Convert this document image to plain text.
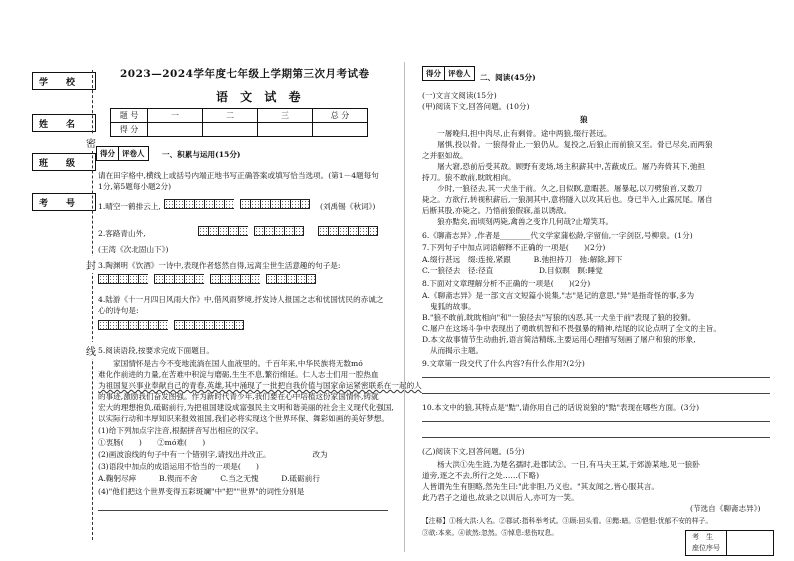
学　　校
姓　　名
班　　级
考　　号
密
封
线
2023—2024学年度七年级上学期第三次月考试卷
语 文 试 卷
题 号	一	二	三	总 分
得 分				
得分 评卷人	一、积累与运用(15分)
请在田字格中,横线上或括号内端正地书写正确答案或填写恰当选项。(第1－4题每句
1分,第5题每小题2分)
1.晴空一鹤排云上,	(刘禹锡《秋词》)
2.客路青山外,
(王湾《次北固山下》)
3.陶渊明《饮酒》一诗中,表现作者悠然自得,远离尘世生活意趣的句子是:
4.陆游《十一月四日风雨大作》中,借风雨梦境,抒发诗人报国之志和忧国忧民的赤诚之
心的诗句是:
5.阅读语段,按要求完成下面题目。
　　家国情怀是古今不变地流淌在国人血液里的。千百年来,中华民族将无数mó
难化作前进的力量,在苦难中积淀与磨砺,生生不息,繁衍绵延。仁人志士们用一腔热血
为祖国复兴事业奉献自己的青春,英雄,其中涌现了一批把自我价值与国家命运紧密联系在一起的人
的事迹,激励我们奋发图强。作为新时代青少年,我们要在心中培植这份家国情怀,铸就
宏大的理想抱负,砥砺前行,为把祖国建设成富强民主文明和谐美丽的社会主义现代化强国,
以实际行动和丰厚知识来报效祖国,我们必将实现这个世界环保、舞彩如画的美好梦想。
(1)给下列加点字注音,根据拼音写出相应的汉字。
①衷肠(　　)　　②mó难(　　)
(2)画波浪线的句子中有一个错别字,请找出并改正。　　　　　　改为
(3)语段中加点的成语运用不恰当的一项是(　　)
A.鞠躬尽瘁　　　B.锲而不舍　　　C.当之无愧　　　D.砥砺前行
(4)"他们把这个世界变得五彩斑斓"中"把""世界"的词性分别是
得分 评卷人	二、阅读(45分)
(一)文言文阅读(15分)
(甲)阅读下文,回答问题。(10分)
狼
　　一屠晚归,担中肉尽,止有剩骨。途中两狼,缀行甚远。
　　屠惧,投以骨。一狼得骨止,一狼仍从。复投之,后狼止而前狼又至。骨已尽矣,而两狼
之并驱如故。
　　屠大窘,恐前后受其敌。顾野有麦场,场主积薪其中,苫蔽成丘。屠乃奔倚其下,弛担
持刀。狼不敢前,眈眈相向。
　　少时,一狼径去,其一犬坐于前。久之,目似瞑,意暇甚。屠暴起,以刀劈狼首,又数刀
毙之。方欲行,转视积薪后,一狼洞其中,意将隧入以攻其后也。身已半入,止露尻尾。屠自
后断其股,亦毙之。乃悟前狼假寐,盖以诱敌。
　　狼亦黠矣,而顷刻两毙,禽兽之变诈几何哉?止增笑耳。
6.《聊斋志异》,作者是________代文学家蒲松龄,字留仙,一字剑臣,号柳泉。(1分)
7.下列句子中加点词语解释不正确的一项是(　　)(2分)
A.缀行甚远　缀:连接,紧跟　　　B.弛担持刀　弛:解除,卸下
C.一狼径去　径:径直　　　　　　D.目似瞑　瞑:睡觉
8.下面对文章理解分析不正确的一项是(　　)(2分)
A.《聊斋志异》是一部文言文短篇小说集,"志"是记的意思,"异"是指奇怪的事,多为
鬼狐的故事。
B."狼不敢前,眈眈相向"和"一狼径去"写狼的凶恶,其一犬坐于前"表现了狼的狡猾。
C.屠户在这场斗争中表现出了勇敢机智和不畏强暴的精神,结尾的议论点明了全文的主旨。
D.本文故事情节生动曲折,语言简洁精练,主要运用心理描写刻画了屠户和狼的形象,
从而揭示主题。
9.文章第一段交代了什么内容?有什么作用?(2分)
10.本文中的狼,其特点是"黠",请你用自己的话说说狼的"黠"表现在哪些方面。(3分)
(乙)阅读下文,回答问题。(5分)
　　杨大洪①先生涟,为楚名孺时,赴郡试②。一日,有马夫王某,于郊游某地,见一狼卧
道旁,逐之不去,所行之处……(下略)
人皆谓先生有胆略,然先生曰:"此非胆,乃义也。"其友闻之,皆心服其言。
此乃君子之道也,故录之以训后人,亦可为一笑。
(节选自《聊斋志异》)
【注释】①杨大洪:人名。②郡试:指科举考试。③顾:回头看。④黯:暗。⑤悒悒:忧郁不安的样子。
③欲:本来。④欲然:忽然。⑤悼息:悲伤叹息。	考　生
座位序号
